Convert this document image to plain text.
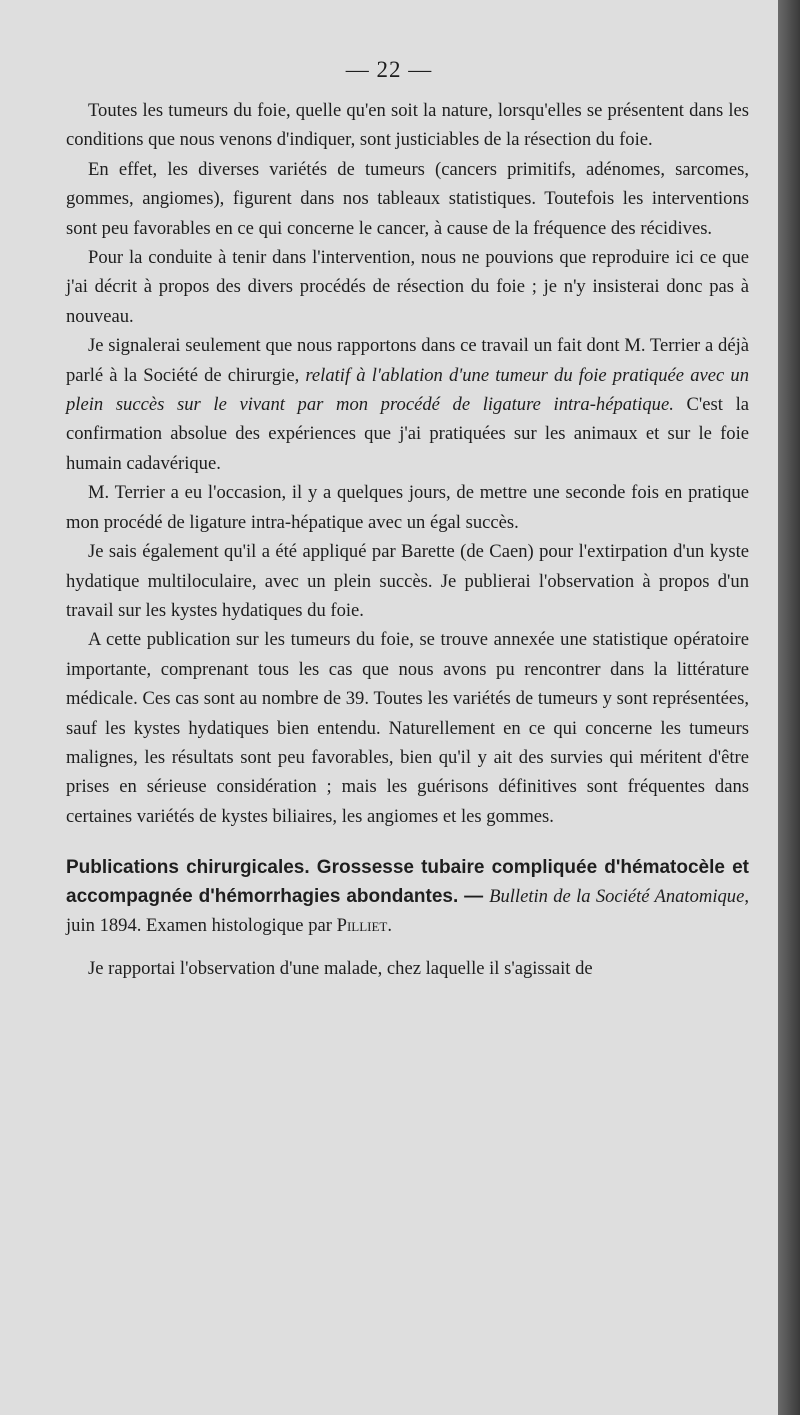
— 22 —

Toutes les tumeurs du foie, quelle qu'en soit la nature, lorsqu'elles se présentent dans les conditions que nous venons d'indiquer, sont justiciables de la résection du foie.

En effet, les diverses variétés de tumeurs (cancers primitifs, adénomes, sarcomes, gommes, angiomes), figurent dans nos tableaux statistiques. Toutefois les interventions sont peu favorables en ce qui concerne le cancer, à cause de la fréquence des récidives.

Pour la conduite à tenir dans l'intervention, nous ne pouvions que reproduire ici ce que j'ai décrit à propos des divers procédés de résection du foie ; je n'y insisterai donc pas à nouveau.

Je signalerai seulement que nous rapportons dans ce travail un fait dont M. Terrier a déjà parlé à la Société de chirurgie, relatif à l'ablation d'une tumeur du foie pratiquée avec un plein succès sur le vivant par mon procédé de ligature intra-hépatique. C'est la confirmation absolue des expériences que j'ai pratiquées sur les animaux et sur le foie humain cadavérique.

M. Terrier a eu l'occasion, il y a quelques jours, de mettre une seconde fois en pratique mon procédé de ligature intra-hépatique avec un égal succès.

Je sais également qu'il a été appliqué par Barette (de Caen) pour l'extirpation d'un kyste hydatique multiloculaire, avec un plein succès. Je publierai l'observation à propos d'un travail sur les kystes hydatiques du foie.

A cette publication sur les tumeurs du foie, se trouve annexée une statistique opératoire importante, comprenant tous les cas que nous avons pu rencontrer dans la littérature médicale. Ces cas sont au nombre de 39. Toutes les variétés de tumeurs y sont représentées, sauf les kystes hydatiques bien entendu. Naturellement en ce qui concerne les tumeurs malignes, les résultats sont peu favorables, bien qu'il y ait des survies qui méritent d'être prises en sérieuse considération ; mais les guérisons définitives sont fréquentes dans certaines variétés de kystes biliaires, les angiomes et les gommes.

Publications chirurgicales. Grossesse tubaire compliquée d'hématocèle et accompagnée d'hémorrhagies abondantes. — Bulletin de la Société Anatomique, juin 1894. Examen histologique par Pilliet.

Je rapportai l'observation d'une malade, chez laquelle il s'agissait de
